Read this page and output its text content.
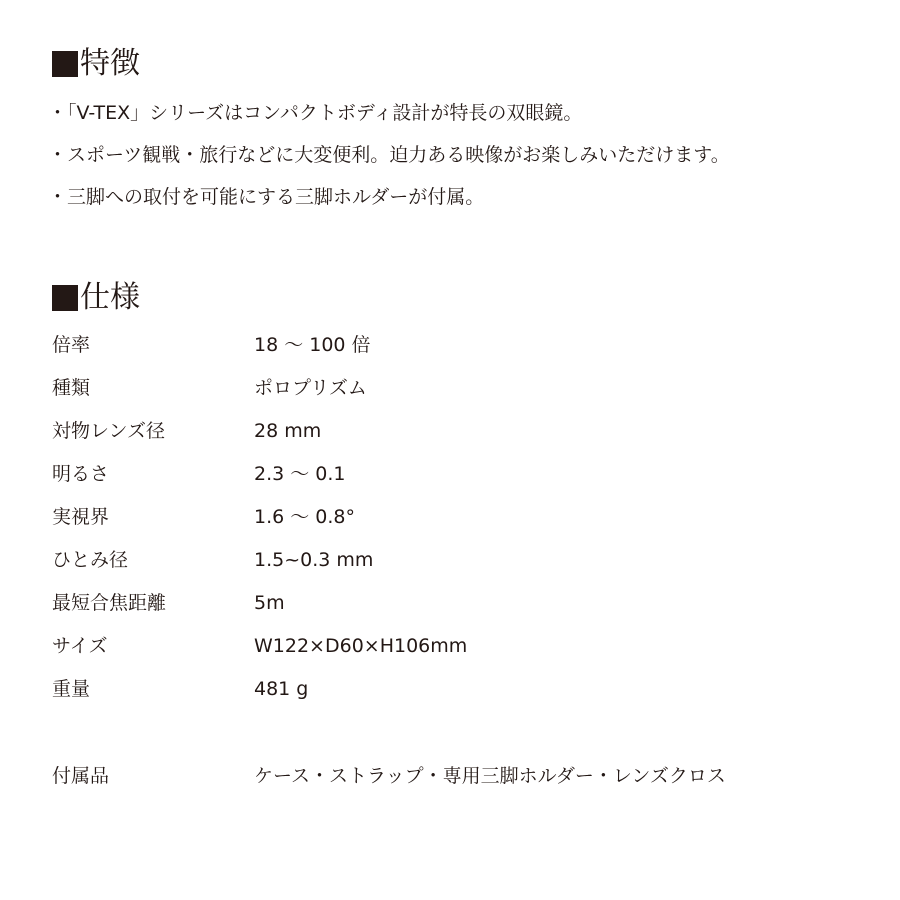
特徴
・「V-TEX」シリーズはコンパクトボディ設計が特長の双眼鏡。
・スポーツ観戦・旅行などに大変便利。迫力ある映像がお楽しみいただけます。
・三脚への取付を可能にする三脚ホルダーが付属。
仕様
倍率	18 〜 100 倍
種類	ポロプリズム
対物レンズ径	28 mm
明るさ	2.3 〜 0.1
実視界	1.6 〜 0.8°
ひとみ径	1.5~0.3 mm
最短合焦距離	5m
サイズ	W122×D60×H106mm
重量	481 g
付属品	ケース・ストラップ・専用三脚ホルダー・レンズクロス
